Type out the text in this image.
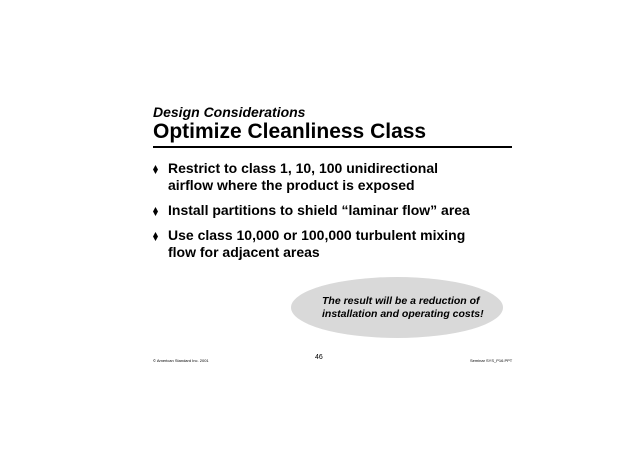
Design Considerations
Optimize Cleanliness Class
Restrict to class 1, 10, 100 unidirectional
airflow where the product is exposed
Install partitions to shield “laminar flow” area
Use class 10,000 or 100,000 turbulent mixing
flow for adjacent areas
The result will be a reduction of
installation and operating costs!
© American Standard Inc. 2001	46	Seminar SYS_P16.PPT
